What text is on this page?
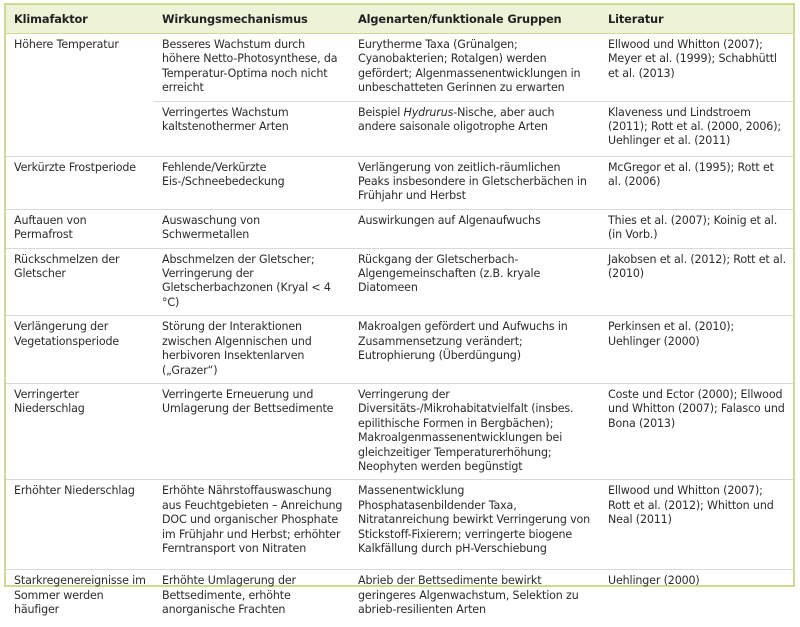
Klimafaktor	Wirkungsmechanismus	Algenarten/funktionale Gruppen	Literatur
Höhere Temperatur	Besseres Wachstum durch höhere Netto-Photosynthese, da Temperatur-Optima noch nicht erreicht	Eurytherme Taxa (Grünalgen; Cyanobakterien; Rotalgen) werden gefördert; Algenmassenentwicklungen in unbeschatteten Gerinnen zu erwarten	Ellwood und Whitton (2007); Meyer et al. (1999); Schabhüttl et al. (2013)
	Verringertes Wachstum kaltstenothermer Arten	Beispiel Hydrurus-Nische, aber auch andere saisonale oligotrophe Arten	Klaveness und Lindstroem (2011); Rott et al. (2000, 2006); Uehlinger et al. (2011)
Verkürzte Frostperiode	Fehlende/Verkürzte Eis-/Schneebedeckung	Verlängerung von zeitlich-räumlichen Peaks insbesondere in Gletscherbächen in Frühjahr und Herbst	McGregor et al. (1995); Rott et al. (2006)
Auftauen von Permafrost	Auswaschung von Schwermetallen	Auswirkungen auf Algenaufwuchs	Thies et al. (2007); Koinig et al. (in Vorb.)
Rückschmelzen der Gletscher	Abschmelzen der Gletscher; Verringerung der Gletscherbachzonen (Kryal < 4 °C)	Rückgang der Gletscherbach-Algengemeinschaften (z.B. kryale Diatomeen	Jakobsen et al. (2012); Rott et al. (2010)
Verlängerung der Vegetationsperiode	Störung der Interaktionen zwischen Algennischen und herbivoren Insektenlarven („Grazer“)	Makroalgen gefördert und Aufwuchs in Zusammensetzung verändert; Eutrophierung (Überdüngung)	Perkinsen et al. (2010); Uehlinger (2000)
Verringerter Niederschlag	Verringerte Erneuerung und Umlagerung der Bettsedimente	Verringerung der Diversitäts-/Mikrohabitatvielfalt (insbes. epilithische Formen in Bergbächen); Makroalgenmassenentwicklungen bei gleichzeitiger Temperaturerhöhung; Neophyten werden begünstigt	Coste und Ector (2000); Ellwood und Whitton (2007); Falasco und Bona (2013)
Erhöhter Niederschlag	Erhöhte Nährstoffauswaschung aus Feuchtgebieten – Anreichung DOC und organischer Phosphate im Frühjahr und Herbst; erhöhter Ferntransport von Nitraten	Massenentwicklung Phosphatasenbildender Taxa, Nitratanreichung bewirkt Verringerung von Stickstoff-Fixierern; verringerte biogene Kalkfällung durch pH-Verschiebung	Ellwood und Whitton (2007); Rott et al. (2012); Whitton und Neal (2011)
Starkregenereignisse im Sommer werden häufiger	Erhöhte Umlagerung der Bettsedimente, erhöhte anorganische Frachten	Abrieb der Bettsedimente bewirkt geringeres Algenwachstum, Selektion zu abrieb-resilienten Arten	Uehlinger (2000)
